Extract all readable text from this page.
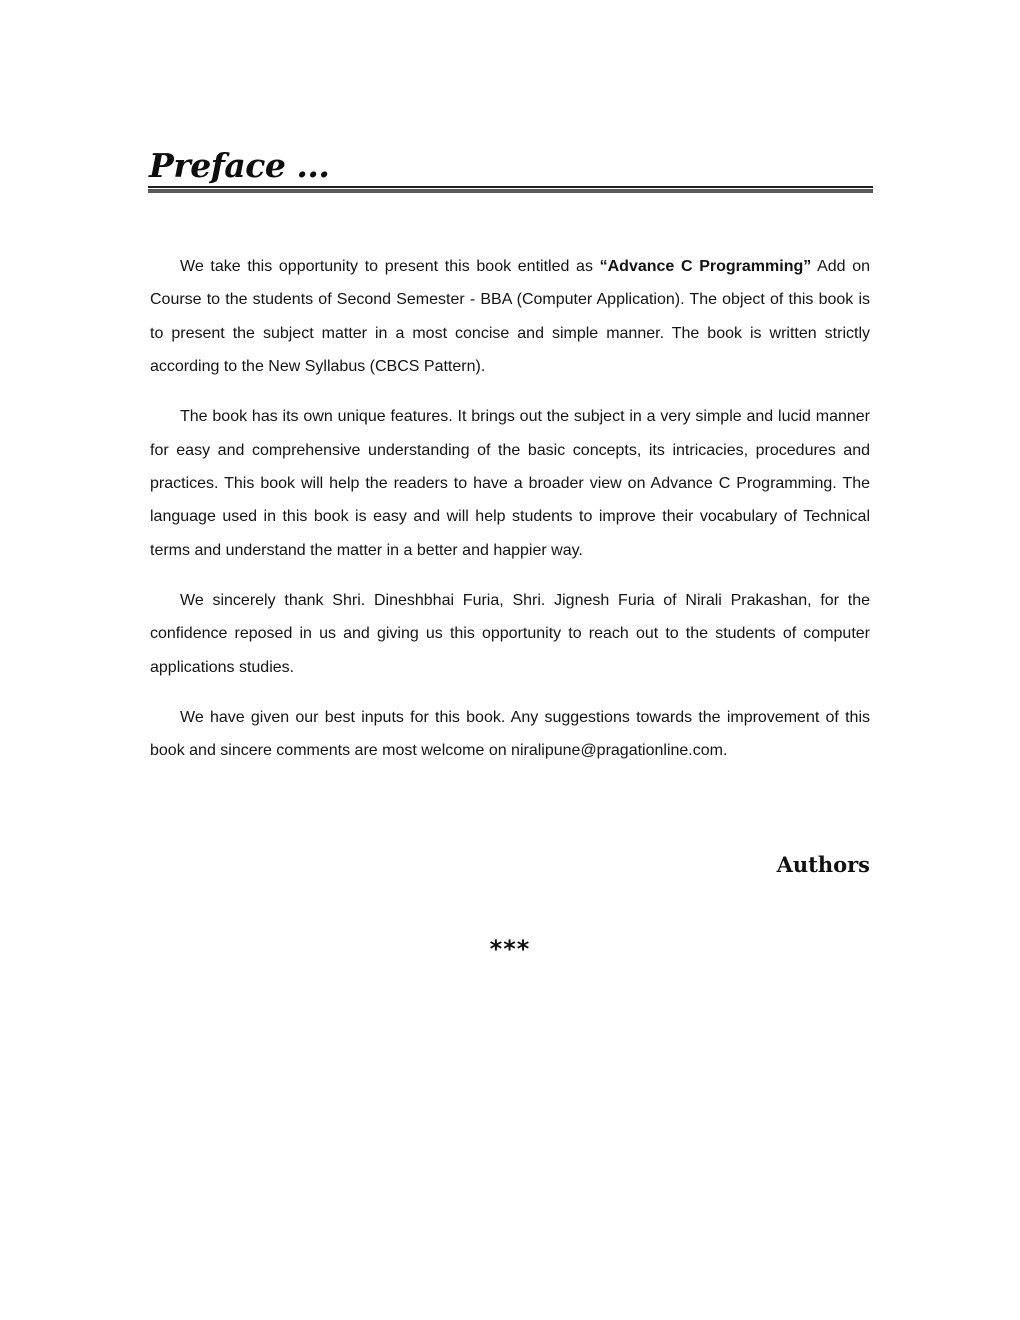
Preface ...

We take this opportunity to present this book entitled as “Advance C Programming” Add on Course to the students of Second Semester - BBA (Computer Application). The object of this book is to present the subject matter in a most concise and simple manner. The book is written strictly according to the New Syllabus (CBCS Pattern).

The book has its own unique features. It brings out the subject in a very simple and lucid manner for easy and comprehensive understanding of the basic concepts, its intricacies, procedures and practices. This book will help the readers to have a broader view on Advance C Programming. The language used in this book is easy and will help students to improve their vocabulary of Technical terms and understand the matter in a better and happier way.

We sincerely thank Shri. Dineshbhai Furia, Shri. Jignesh Furia of Nirali Prakashan, for the confidence reposed in us and giving us this opportunity to reach out to the students of computer applications studies.

We have given our best inputs for this book. Any suggestions towards the improvement of this book and sincere comments are most welcome on niralipune@pragationline.com.

Authors
***
